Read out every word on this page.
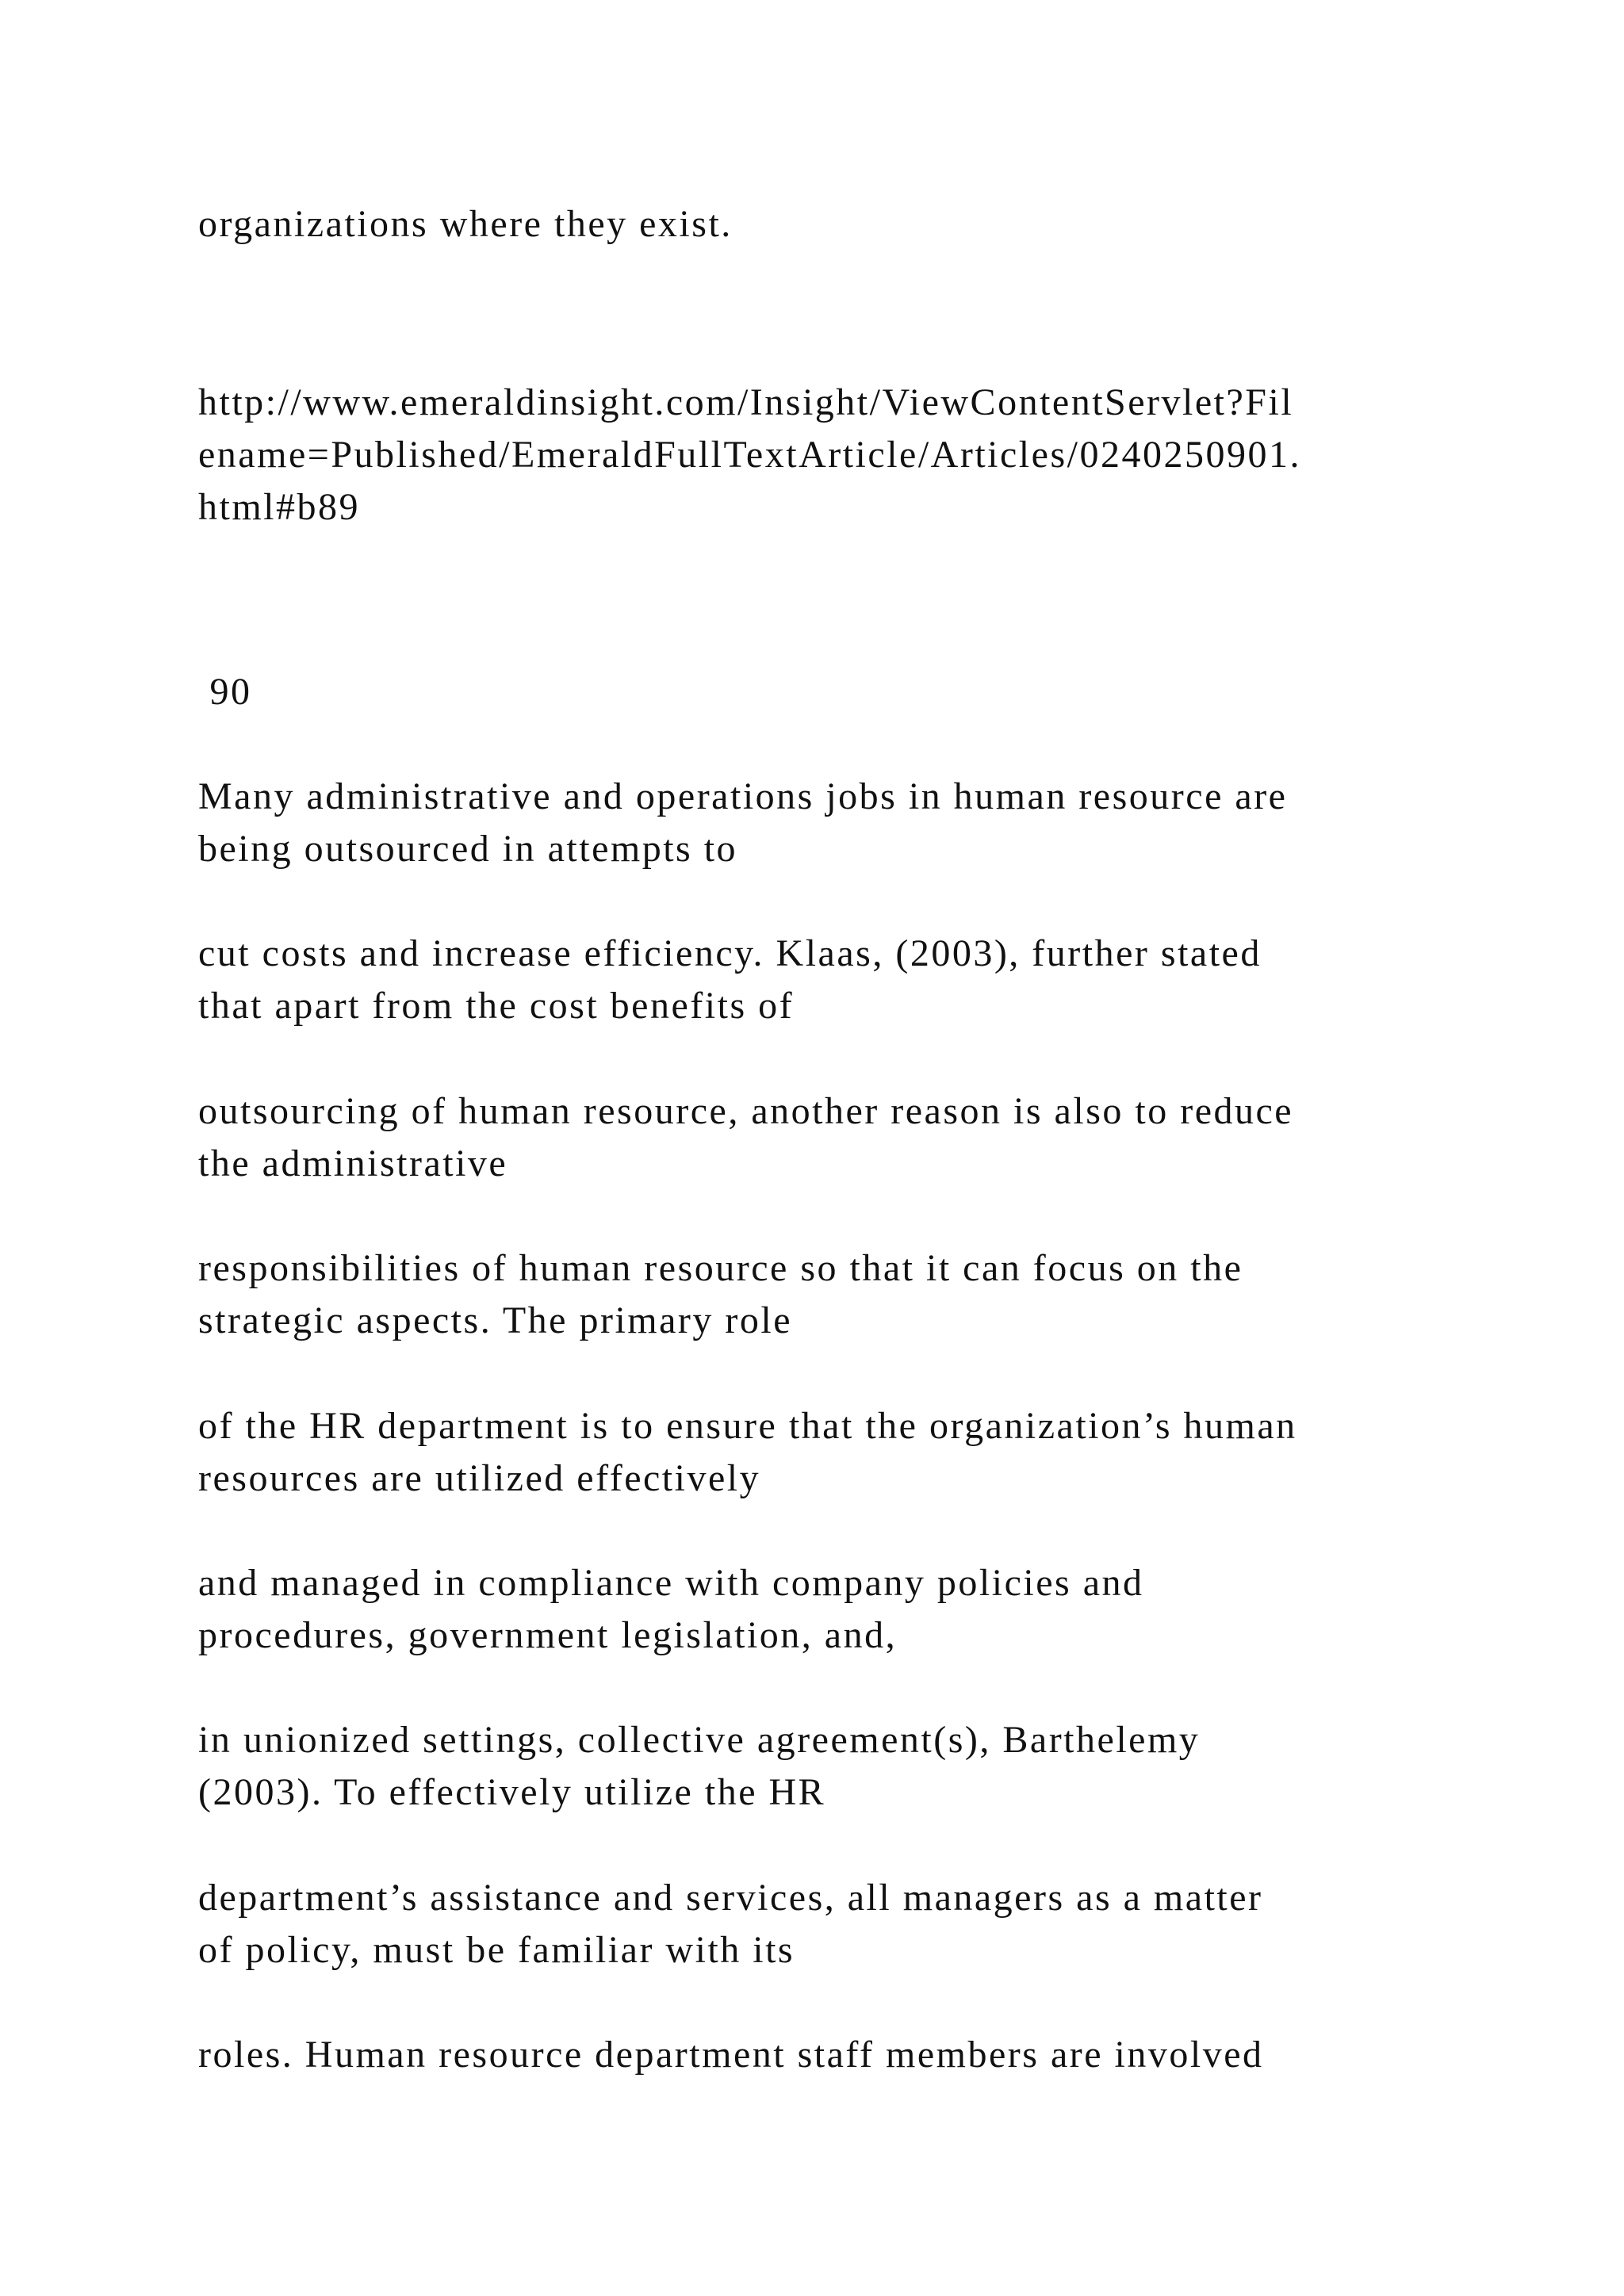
organizations where they exist.

http://www.emeraldinsight.com/Insight/ViewContentServlet?Fil

ename=Published/EmeraldFullTextArticle/Articles/0240250901.

html#b89

90

Many administrative and operations jobs in human resource are

being outsourced in attempts to

cut costs and increase efficiency. Klaas, (2003), further stated

that apart from the cost benefits of

outsourcing of human resource, another reason is also to reduce

the administrative

responsibilities of human resource so that it can focus on the

strategic aspects. The primary role

of the HR department is to ensure that the organization’s human

resources are utilized effectively

and managed in compliance with company policies and

procedures, government legislation, and,

in unionized settings, collective agreement(s), Barthelemy

(2003). To effectively utilize the HR

department’s assistance and services, all managers as a matter

of policy, must be familiar with its

roles. Human resource department staff members are involved
